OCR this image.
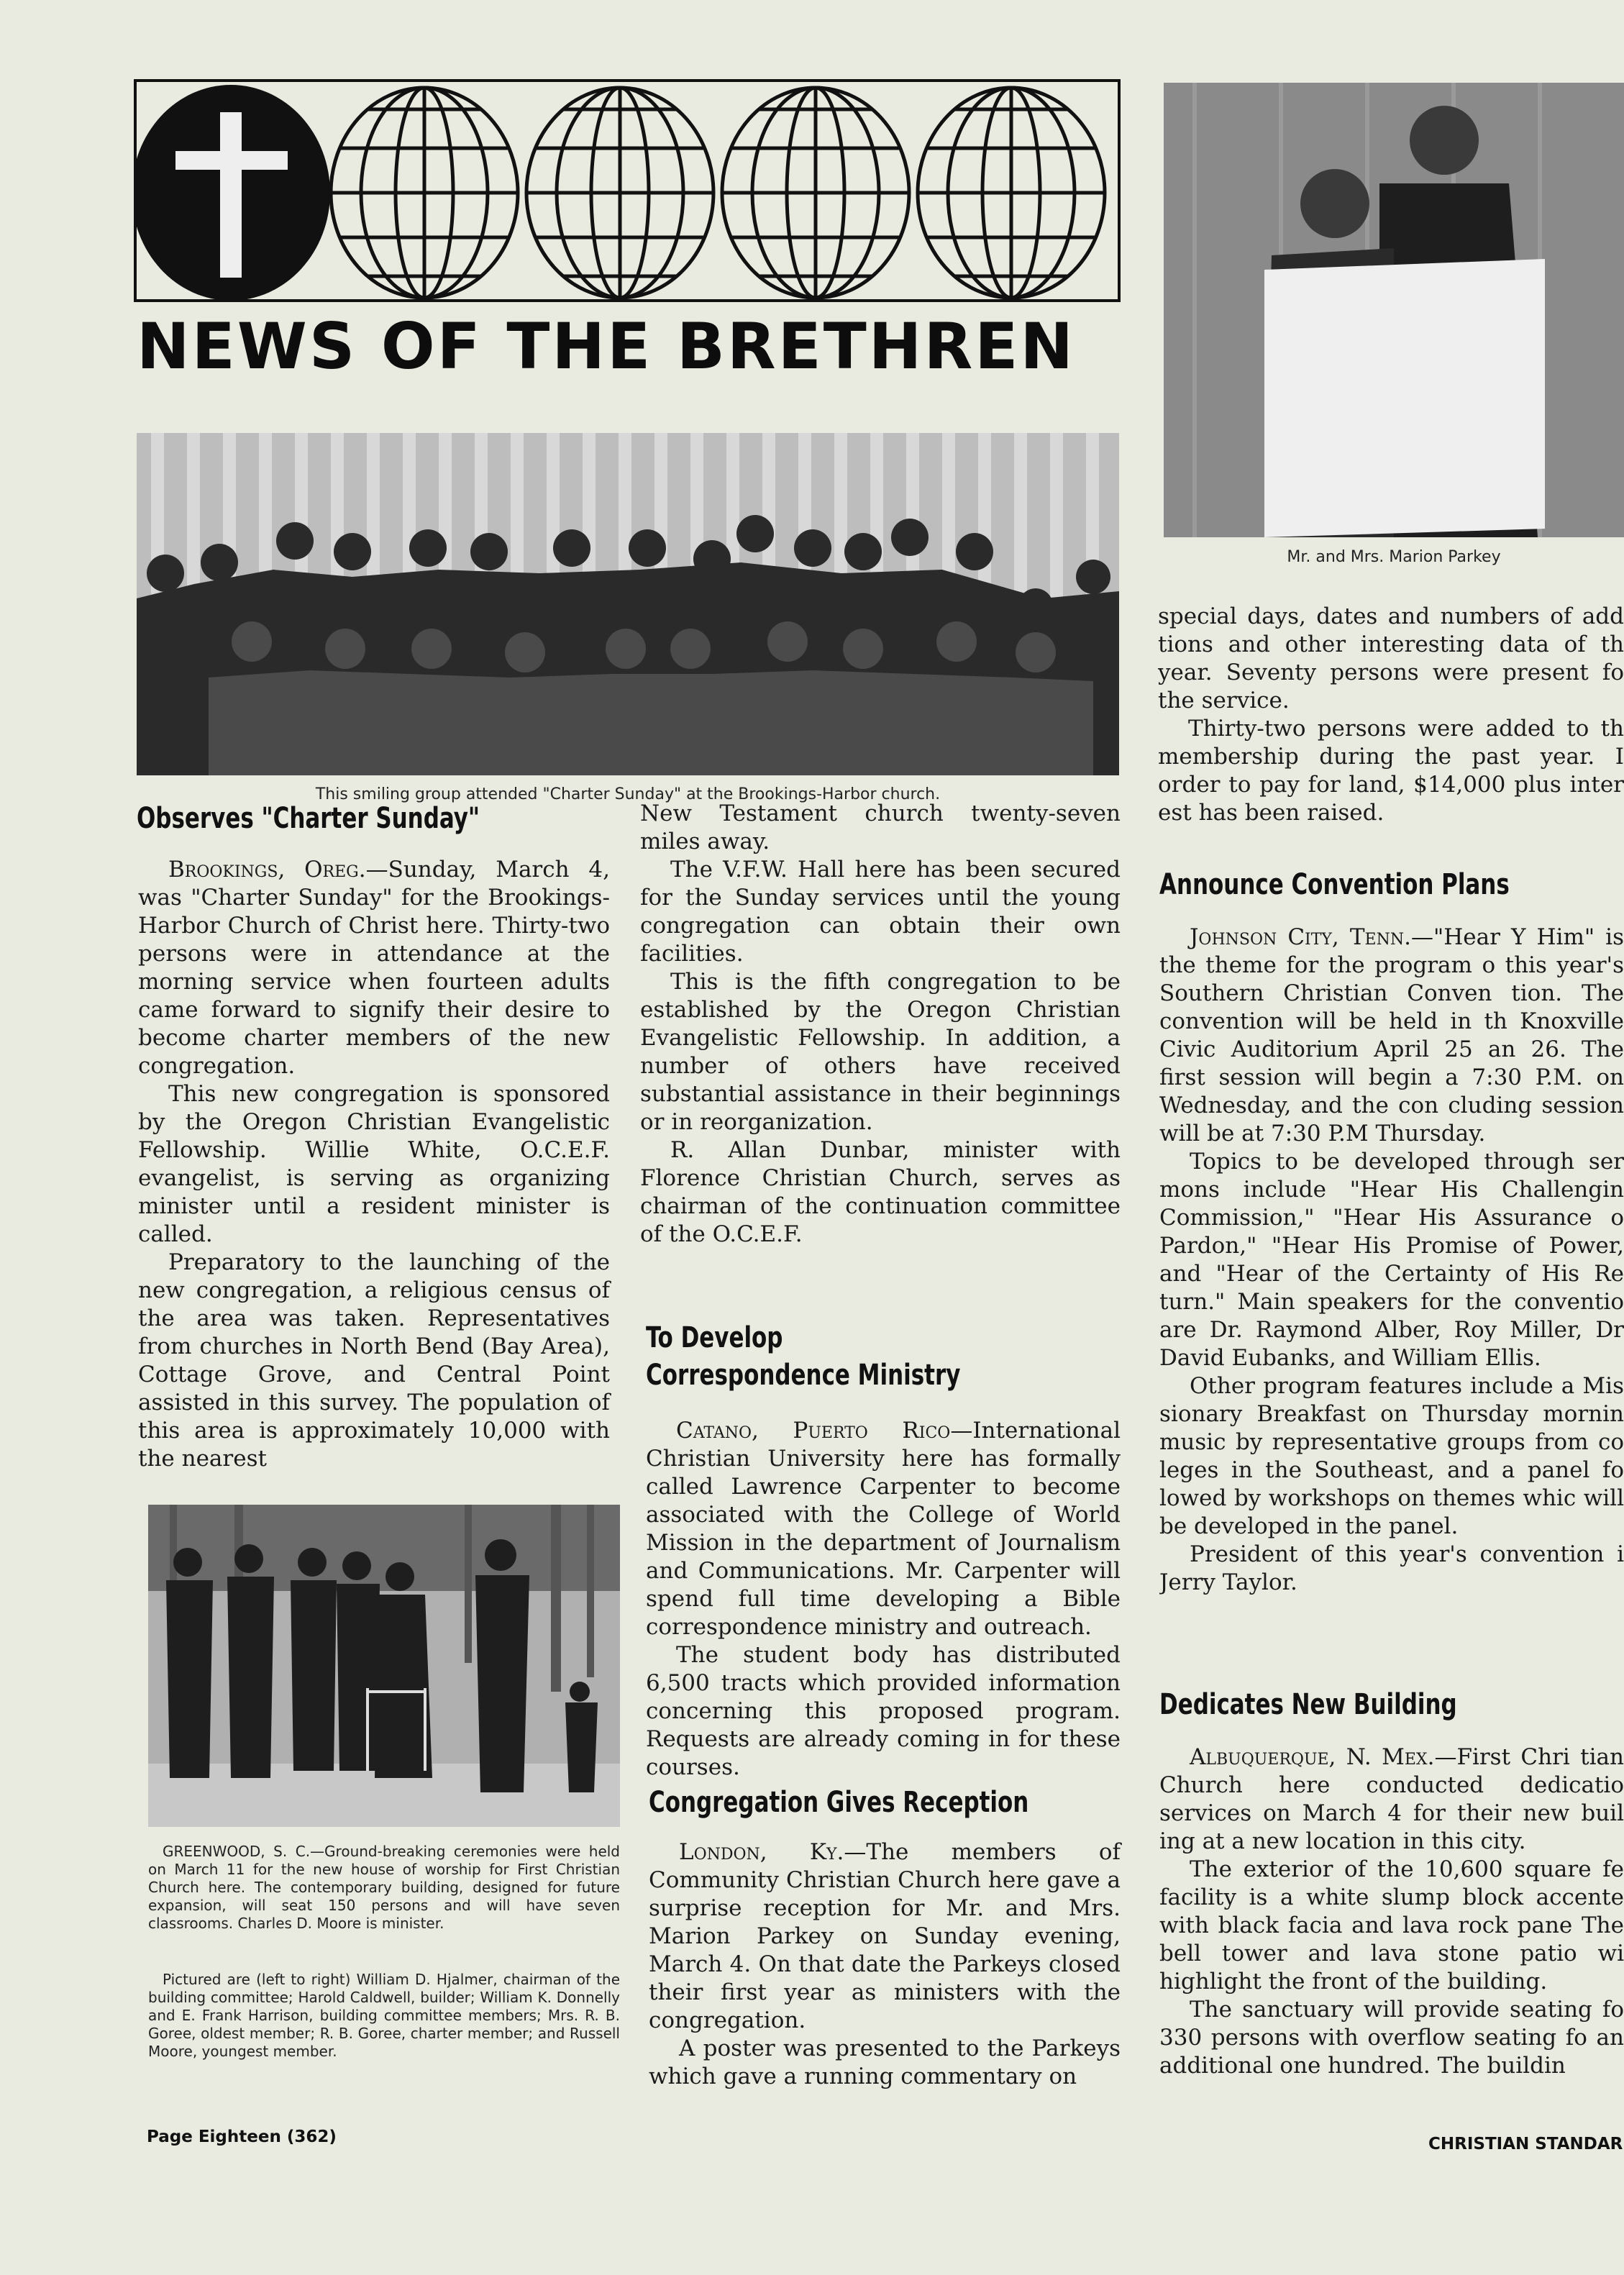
NEWS OF THE BRETHREN
This smiling group attended "Charter Sunday" at the Brookings-Harbor church.
Mr. and Mrs. Marion Parkey
GREENWOOD, S. C.—Ground-breaking ceremonies were held on March 11 for the new house of worship for First Christian Church here. The contemporary building, designed for future expansion, will seat 150 persons and will have seven classrooms. Charles D. Moore is minister.
Pictured are (left to right) William D. Hjalmer, chairman of the building committee; Harold Caldwell, builder; William K. Donnelly and E. Frank Harrison, building committee members; Mrs. R. B. Goree, oldest member; R. B. Goree, charter member; and Russell Moore, youngest member.
Observes "Charter Sunday"

Brookings, Oreg.—Sunday, March 4, was "Charter Sunday" for the Brookings-Harbor Church of Christ here. Thirty-two persons were in attendance at the morning service when fourteen adults came forward to signify their desire to become charter members of the new congregation.

This new congregation is sponsored by the Oregon Christian Evangelistic Fellowship. Willie White, O.C.E.F. evangelist, is serving as organizing minister until a resident minister is called.

Preparatory to the launching of the new congregation, a religious census of the area was taken. Representatives from churches in North Bend (Bay Area), Cottage Grove, and Central Point assisted in this survey. The population of this area is approximately 10,000 with the nearest

New Testament church twenty-seven miles away.

The V.F.W. Hall here has been secured for the Sunday services until the young congregation can obtain their own facilities.

This is the fifth congregation to be established by the Oregon Christian Evangelistic Fellowship. In addition, a number of others have received substantial assistance in their beginnings or in reorganization.

R. Allan Dunbar, minister with Florence Christian Church, serves as chairman of the continuation committee of the O.C.E.F.

To Develop
Correspondence Ministry

Catano, Puerto Rico—International Christian University here has formally called Lawrence Carpenter to become associated with the College of World Mission in the department of Journalism and Communications. Mr. Carpenter will spend full time developing a Bible correspondence ministry and outreach.

The student body has distributed 6,500 tracts which provided information concerning this proposed program. Requests are already coming in for these courses.

Congregation Gives Reception

London, Ky.—The members of Community Christian Church here gave a surprise reception for Mr. and Mrs. Marion Parkey on Sunday evening, March 4. On that date the Parkeys closed their first year as ministers with the congregation.

A poster was presented to the Parkeys which gave a running commentary on

special days, dates and numbers of add tions and other interesting data of th year. Seventy persons were present fo the service.

Thirty-two persons were added to th membership during the past year. I order to pay for land, $14,000 plus inter est has been raised.

Announce Convention Plans

Johnson City, Tenn.—"Hear Y Him" is the theme for the program o this year's Southern Christian Conven tion. The convention will be held in th Knoxville Civic Auditorium April 25 an 26. The first session will begin a 7:30 P.M. on Wednesday, and the con cluding session will be at 7:30 P.M Thursday.

Topics to be developed through ser mons include "Hear His Challengin Commission," "Hear His Assurance o Pardon," "Hear His Promise of Power, and "Hear of the Certainty of His Re turn." Main speakers for the conventio are Dr. Raymond Alber, Roy Miller, Dr David Eubanks, and William Ellis.

Other program features include a Mis sionary Breakfast on Thursday mornin music by representative groups from co leges in the Southeast, and a panel fo lowed by workshops on themes whic will be developed in the panel.

President of this year's convention i Jerry Taylor.

Dedicates New Building

Albuquerque, N. Mex.—First Chri tian Church here conducted dedicatio services on March 4 for their new buil ing at a new location in this city.

The exterior of the 10,600 square fe facility is a white slump block accente with black facia and lava rock pane The bell tower and lava stone patio wi highlight the front of the building.

The sanctuary will provide seating fo 330 persons with overflow seating fo an additional one hundred. The buildin

Page Eighteen (362)	CHRISTIAN STANDAR
